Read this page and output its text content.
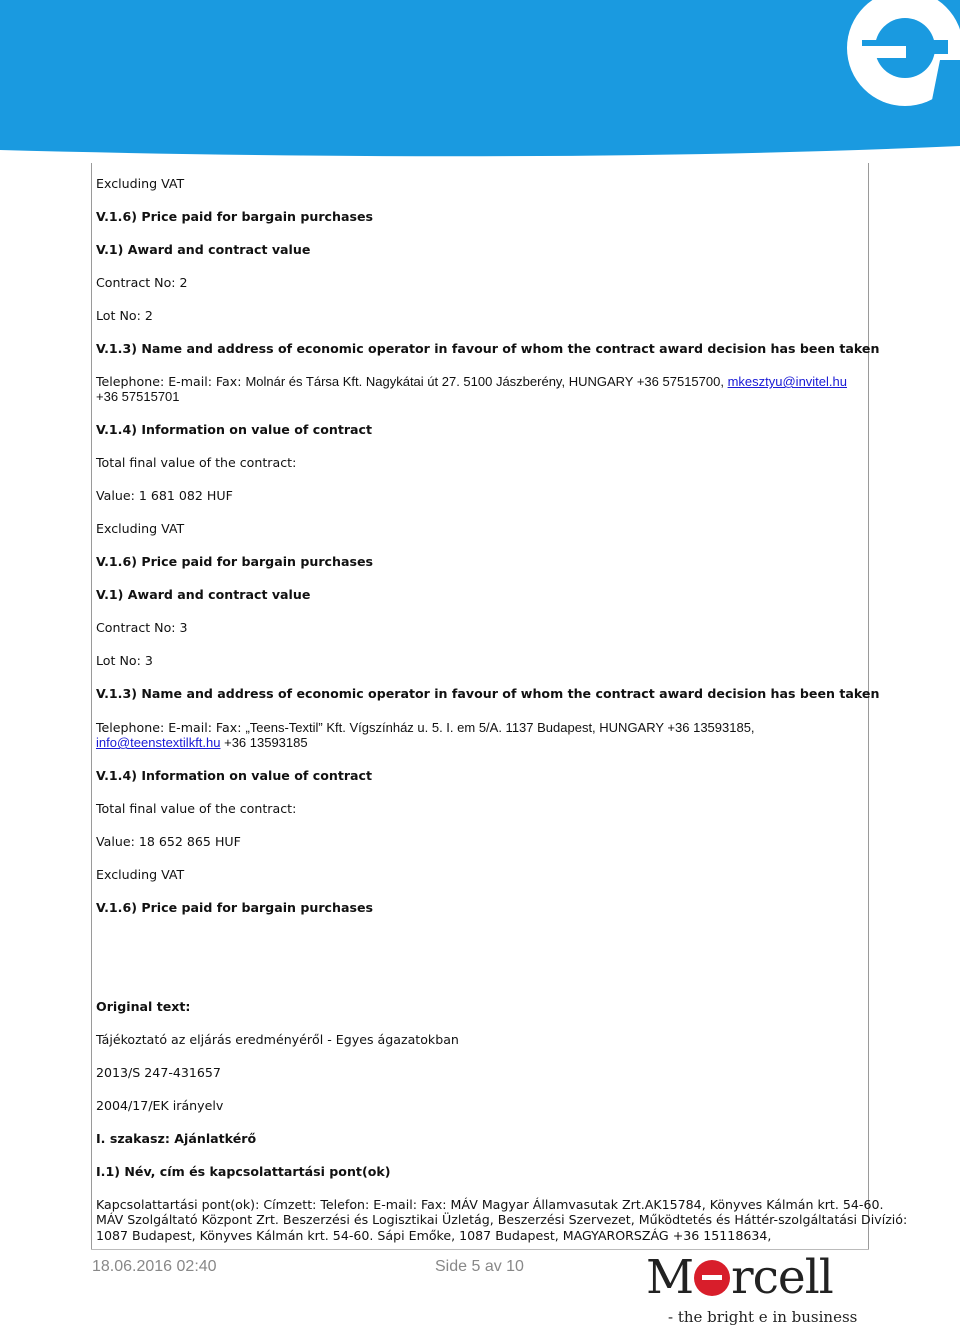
Excluding VAT
V.1.6) Price paid for bargain purchases
V.1) Award and contract value
Contract No: 2
Lot No: 2
V.1.3) Name and address of economic operator in favour of whom the contract award decision has been taken
Telephone: E-mail: Fax: Molnár és Társa Kft. Nagykátai út 27. 5100 Jászberény, HUNGARY +36 57515700, mkesztyu@invitel.hu
+36 57515701
V.1.4) Information on value of contract
Total final value of the contract:
Value: 1 681 082 HUF
Excluding VAT
V.1.6) Price paid for bargain purchases
V.1) Award and contract value
Contract No: 3
Lot No: 3
V.1.3) Name and address of economic operator in favour of whom the contract award decision has been taken
Telephone: E-mail: Fax: „Teens-Textil” Kft. Vígszínház u. 5. I. em 5/A. 1137 Budapest, HUNGARY +36 13593185,
info@teenstextilkft.hu +36 13593185
V.1.4) Information on value of contract
Total final value of the contract:
Value: 18 652 865 HUF
Excluding VAT
V.1.6) Price paid for bargain purchases
Original text:
Tájékoztató az eljárás eredményéről - Egyes ágazatokban
2013/S 247-431657
2004/17/EK irányelv
I. szakasz: Ajánlatkérő
I.1) Név, cím és kapcsolattartási pont(ok)
Kapcsolattartási pont(ok): Címzett: Telefon: E-mail: Fax: MÁV Magyar Államvasutak Zrt.AK15784, Könyves Kálmán krt. 54-60.
MÁV Szolgáltató Központ Zrt. Beszerzési és Logisztikai Üzletág, Beszerzési Szervezet, Működtetés és Háttér-szolgáltatási Divízió:
1087 Budapest, Könyves Kálmán krt. 54-60. Sápi Emőke, 1087 Budapest, MAGYARORSZÁG +36 15118634,
18.06.2016 02:40	Side 5 av 10	M rcell
- the bright e in business
